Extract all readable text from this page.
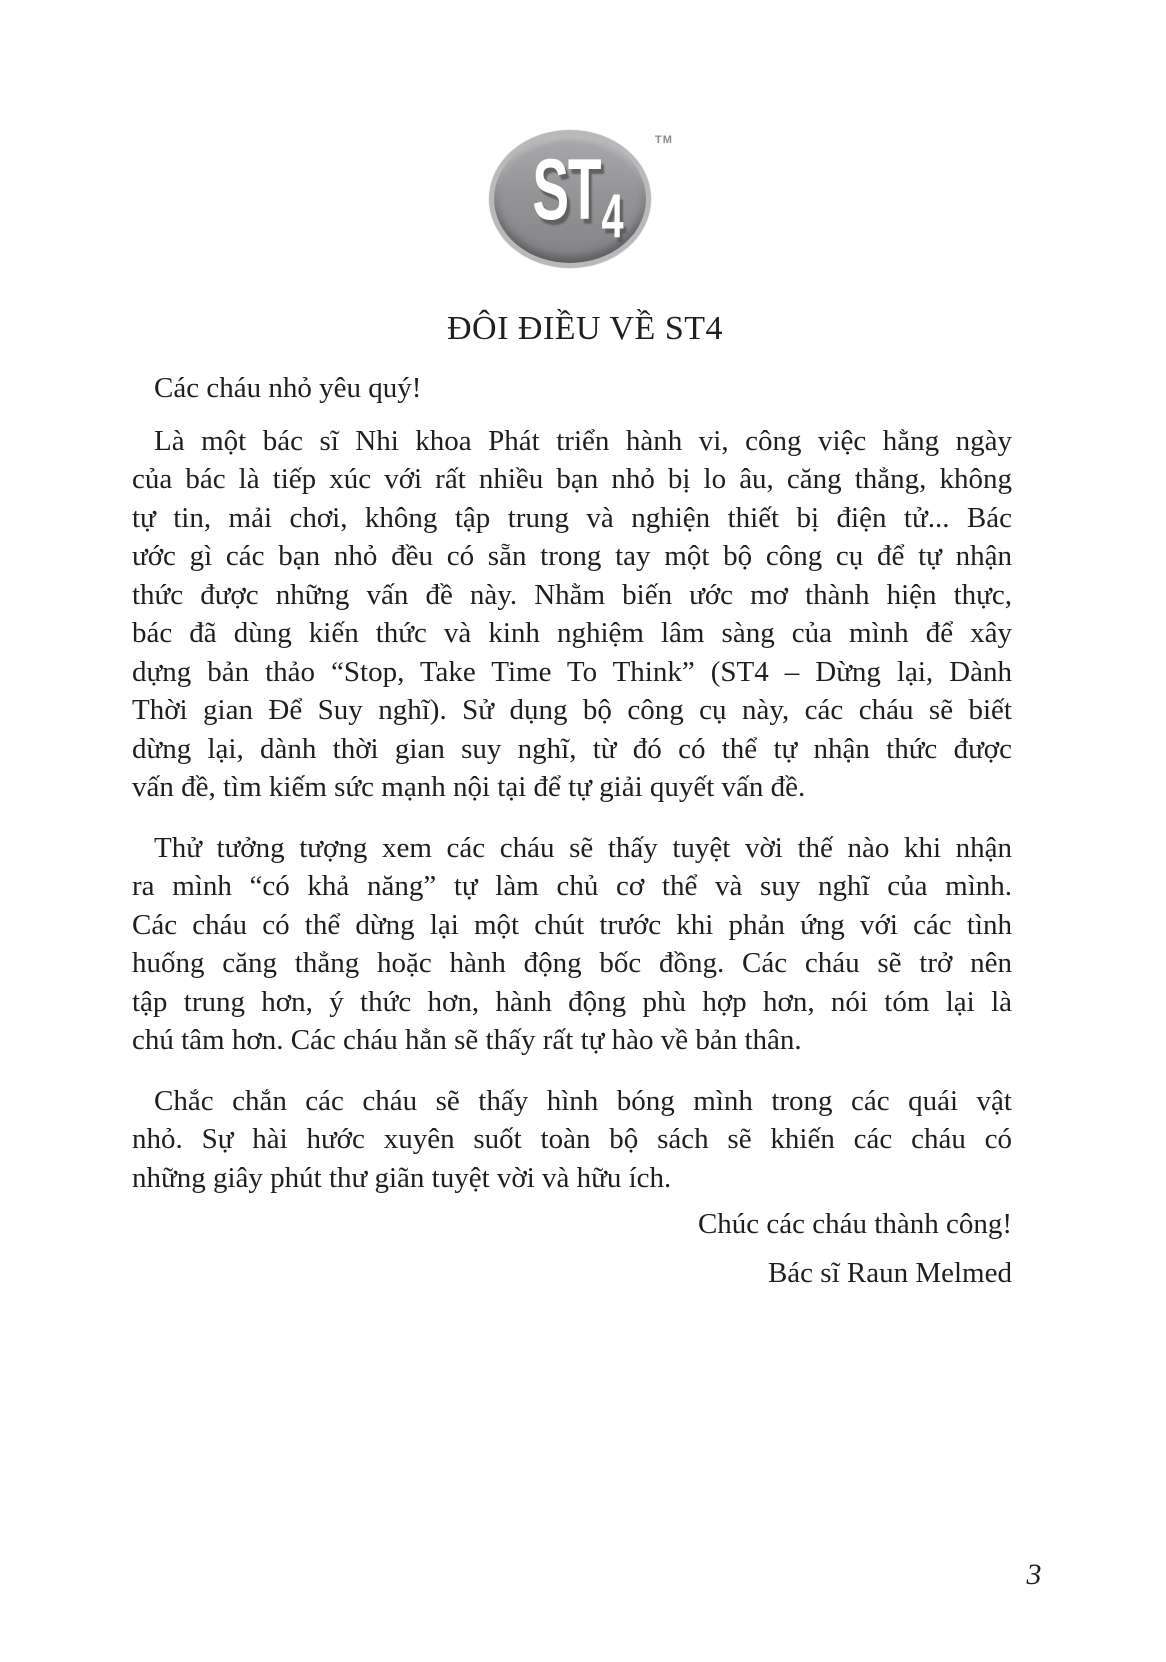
ST4
TM
ĐÔI ĐIỀU VỀ ST4

Các cháu nhỏ yêu quý!

Là một bác sĩ Nhi khoa Phát triển hành vi, công việc hằng ngày
của bác là tiếp xúc với rất nhiều bạn nhỏ bị lo âu, căng thẳng, không
tự tin, mải chơi, không tập trung và nghiện thiết bị điện tử... Bác
ước gì các bạn nhỏ đều có sẵn trong tay một bộ công cụ để tự nhận
thức được những vấn đề này. Nhằm biến ước mơ thành hiện thực,
bác đã dùng kiến thức và kinh nghiệm lâm sàng của mình để xây
dựng bản thảo “Stop, Take Time To Think” (ST4 – Dừng lại, Dành
Thời gian Để Suy nghĩ). Sử dụng bộ công cụ này, các cháu sẽ biết
dừng lại, dành thời gian suy nghĩ, từ đó có thể tự nhận thức được
vấn đề, tìm kiếm sức mạnh nội tại để tự giải quyết vấn đề.
Thử tưởng tượng xem các cháu sẽ thấy tuyệt vời thế nào khi nhận
ra mình “có khả năng” tự làm chủ cơ thể và suy nghĩ của mình.
Các cháu có thể dừng lại một chút trước khi phản ứng với các tình
huống căng thẳng hoặc hành động bốc đồng. Các cháu sẽ trở nên
tập trung hơn, ý thức hơn, hành động phù hợp hơn, nói tóm lại là
chú tâm hơn. Các cháu hẳn sẽ thấy rất tự hào về bản thân.
Chắc chắn các cháu sẽ thấy hình bóng mình trong các quái vật
nhỏ. Sự hài hước xuyên suốt toàn bộ sách sẽ khiến các cháu có
những giây phút thư giãn tuyệt vời và hữu ích.

Chúc các cháu thành công!

Bác sĩ Raun Melmed

3
